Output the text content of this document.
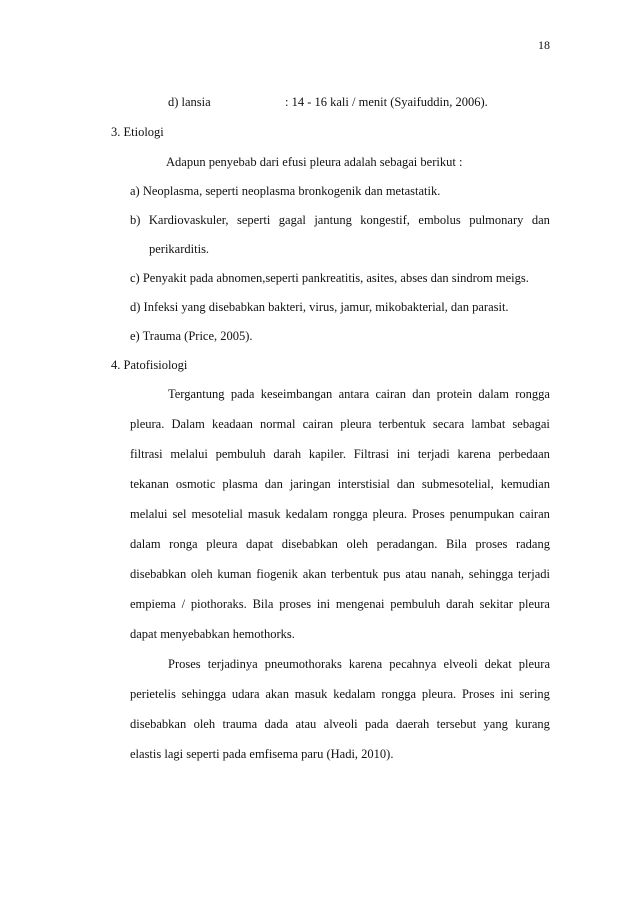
18
d) lansia	: 14 - 16 kali / menit (Syaifuddin, 2006).
3. Etiologi
Adapun penyebab dari efusi pleura adalah sebagai berikut :
a) Neoplasma, seperti neoplasma bronkogenik dan metastatik.
b) Kardiovaskuler, seperti gagal jantung kongestif, embolus pulmonary dan
perikarditis.
c) Penyakit pada abnomen,seperti pankreatitis, asites, abses dan sindrom meigs.
d) Infeksi yang disebabkan bakteri, virus, jamur, mikobakterial, dan parasit.
e) Trauma (Price, 2005).
4. Patofisiologi
Tergantung pada keseimbangan antara cairan dan protein dalam rongga
pleura. Dalam keadaan normal cairan pleura terbentuk secara lambat sebagai
filtrasi melalui pembuluh darah kapiler. Filtrasi ini terjadi karena perbedaan
tekanan osmotic plasma dan jaringan interstisial dan submesotelial, kemudian
melalui sel mesotelial masuk kedalam rongga pleura. Proses penumpukan cairan
dalam ronga pleura dapat disebabkan oleh peradangan. Bila proses radang
disebabkan oleh kuman fiogenik akan terbentuk pus atau nanah, sehingga terjadi
empiema / piothoraks. Bila proses ini mengenai pembuluh darah sekitar pleura
dapat menyebabkan hemothorks.
Proses terjadinya pneumothoraks karena pecahnya elveoli dekat pleura
perietelis sehingga udara akan masuk kedalam rongga pleura. Proses ini sering
disebabkan oleh trauma dada atau alveoli pada daerah tersebut yang kurang
elastis lagi seperti pada emfisema paru (Hadi, 2010).
